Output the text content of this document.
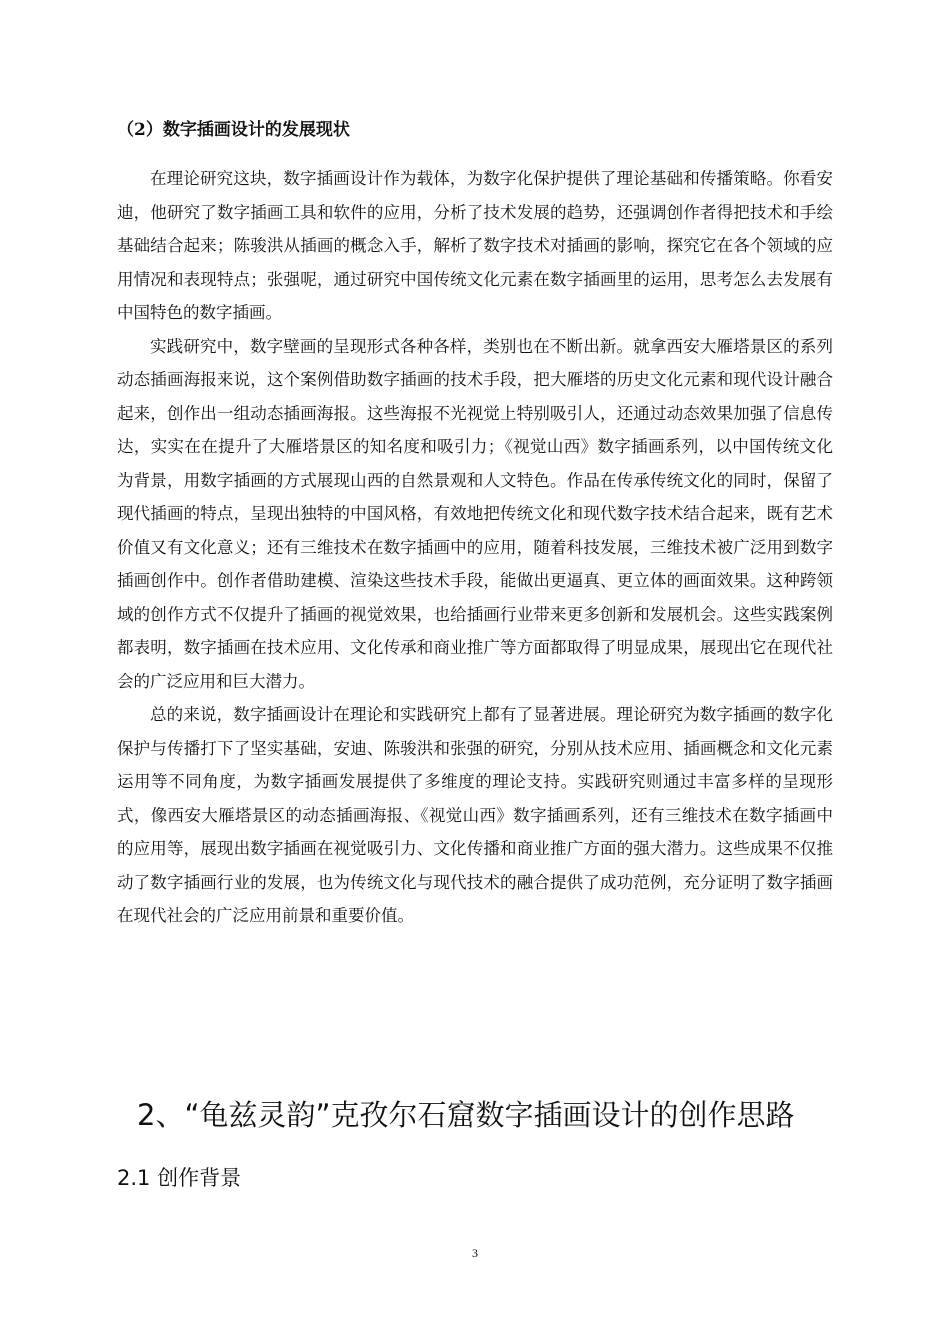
（2）数字插画设计的发展现状

在理论研究这块，数字插画设计作为载体，为数字化保护提供了理论基础和传播策略。你看安迪，他研究了数字插画工具和软件的应用，分析了技术发展的趋势，还强调创作者得把技术和手绘基础结合起来；陈骏洪从插画的概念入手，解析了数字技术对插画的影响，探究它在各个领域的应用情况和表现特点；张强呢，通过研究中国传统文化元素在数字插画里的运用，思考怎么去发展有中国特色的数字插画。

实践研究中，数字壁画的呈现形式各种各样，类别也在不断出新。就拿西安大雁塔景区的系列动态插画海报来说，这个案例借助数字插画的技术手段，把大雁塔的历史文化元素和现代设计融合起来，创作出一组动态插画海报。这些海报不光视觉上特别吸引人，还通过动态效果加强了信息传达，实实在在提升了大雁塔景区的知名度和吸引力；《视觉山西》数字插画系列，以中国传统文化为背景，用数字插画的方式展现山西的自然景观和人文特色。作品在传承传统文化的同时，保留了现代插画的特点，呈现出独特的中国风格，有效地把传统文化和现代数字技术结合起来，既有艺术价值又有文化意义；还有三维技术在数字插画中的应用，随着科技发展，三维技术被广泛用到数字插画创作中。创作者借助建模、渲染这些技术手段，能做出更逼真、更立体的画面效果。这种跨领域的创作方式不仅提升了插画的视觉效果，也给插画行业带来更多创新和发展机会。这些实践案例都表明，数字插画在技术应用、文化传承和商业推广等方面都取得了明显成果，展现出它在现代社会的广泛应用和巨大潜力。

总的来说，数字插画设计在理论和实践研究上都有了显著进展。理论研究为数字插画的数字化保护与传播打下了坚实基础，安迪、陈骏洪和张强的研究，分别从技术应用、插画概念和文化元素运用等不同角度，为数字插画发展提供了多维度的理论支持。实践研究则通过丰富多样的呈现形式，像西安大雁塔景区的动态插画海报、《视觉山西》数字插画系列，还有三维技术在数字插画中的应用等，展现出数字插画在视觉吸引力、文化传播和商业推广方面的强大潜力。这些成果不仅推动了数字插画行业的发展，也为传统文化与现代技术的融合提供了成功范例，充分证明了数字插画在现代社会的广泛应用前景和重要价值。

2、“龟兹灵韵”克孜尔石窟数字插画设计的创作思路
2.1 创作背景
3
